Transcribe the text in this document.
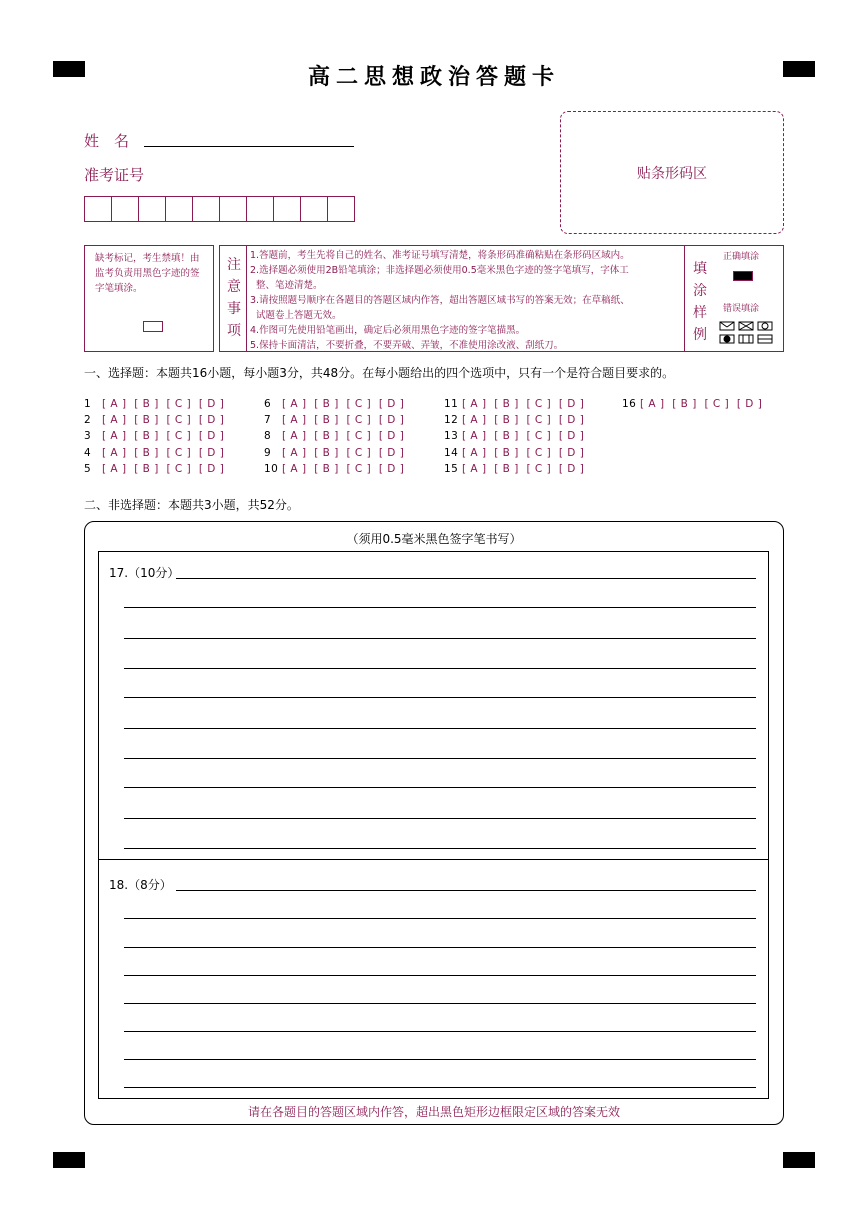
高二思想政治答题卡
姓　名
准考证号	贴条形码区
缺考标记，考生禁填！由监考负责用黑色字迹的签字笔填涂。
注意事项
1.答题前，考生先将自己的姓名、准考证号填写清楚，将条形码准确粘贴在条形码区域内。
2.选择题必须使用2B铅笔填涂；非选择题必须使用0.5毫米黑色字迹的签字笔填写，字体工
整、笔迹清楚。
3.请按照题号顺序在各题目的答题区域内作答，超出答题区域书写的答案无效；在草稿纸、
试题卷上答题无效。
4.作图可先使用铅笔画出，确定后必须用黑色字迹的签字笔描黑。
5.保持卡面清洁，不要折叠，不要弄破、弄皱，不准使用涂改液、刮纸刀。
填涂样例
正确填涂
错误填涂
一、选择题：本题共16小题，每小题3分，共48分。在每小题给出的四个选项中，只有一个是符合题目要求的。
1 [ A ]  [ B ]  [ C ]  [ D ]
2 [ A ]  [ B ]  [ C ]  [ D ]
3 [ A ]  [ B ]  [ C ]  [ D ]
4 [ A ]  [ B ]  [ C ]  [ D ]
5 [ A ]  [ B ]  [ C ]  [ D ]
6 [ A ]  [ B ]  [ C ]  [ D ]
7 [ A ]  [ B ]  [ C ]  [ D ]
8 [ A ]  [ B ]  [ C ]  [ D ]
9 [ A ]  [ B ]  [ C ]  [ D ]
10 [ A ]  [ B ]  [ C ]  [ D ]
11 [ A ]  [ B ]  [ C ]  [ D ]
12 [ A ]  [ B ]  [ C ]  [ D ]
13 [ A ]  [ B ]  [ C ]  [ D ]
14 [ A ]  [ B ]  [ C ]  [ D ]
15 [ A ]  [ B ]  [ C ]  [ D ]
16 [ A ]  [ B ]  [ C ]  [ D ]
二、非选择题：本题共3小题，共52分。
（须用0.5毫米黑色签字笔书写）
17.（10分）
18.（8分）
请在各题目的答题区域内作答，超出黑色矩形边框限定区域的答案无效
